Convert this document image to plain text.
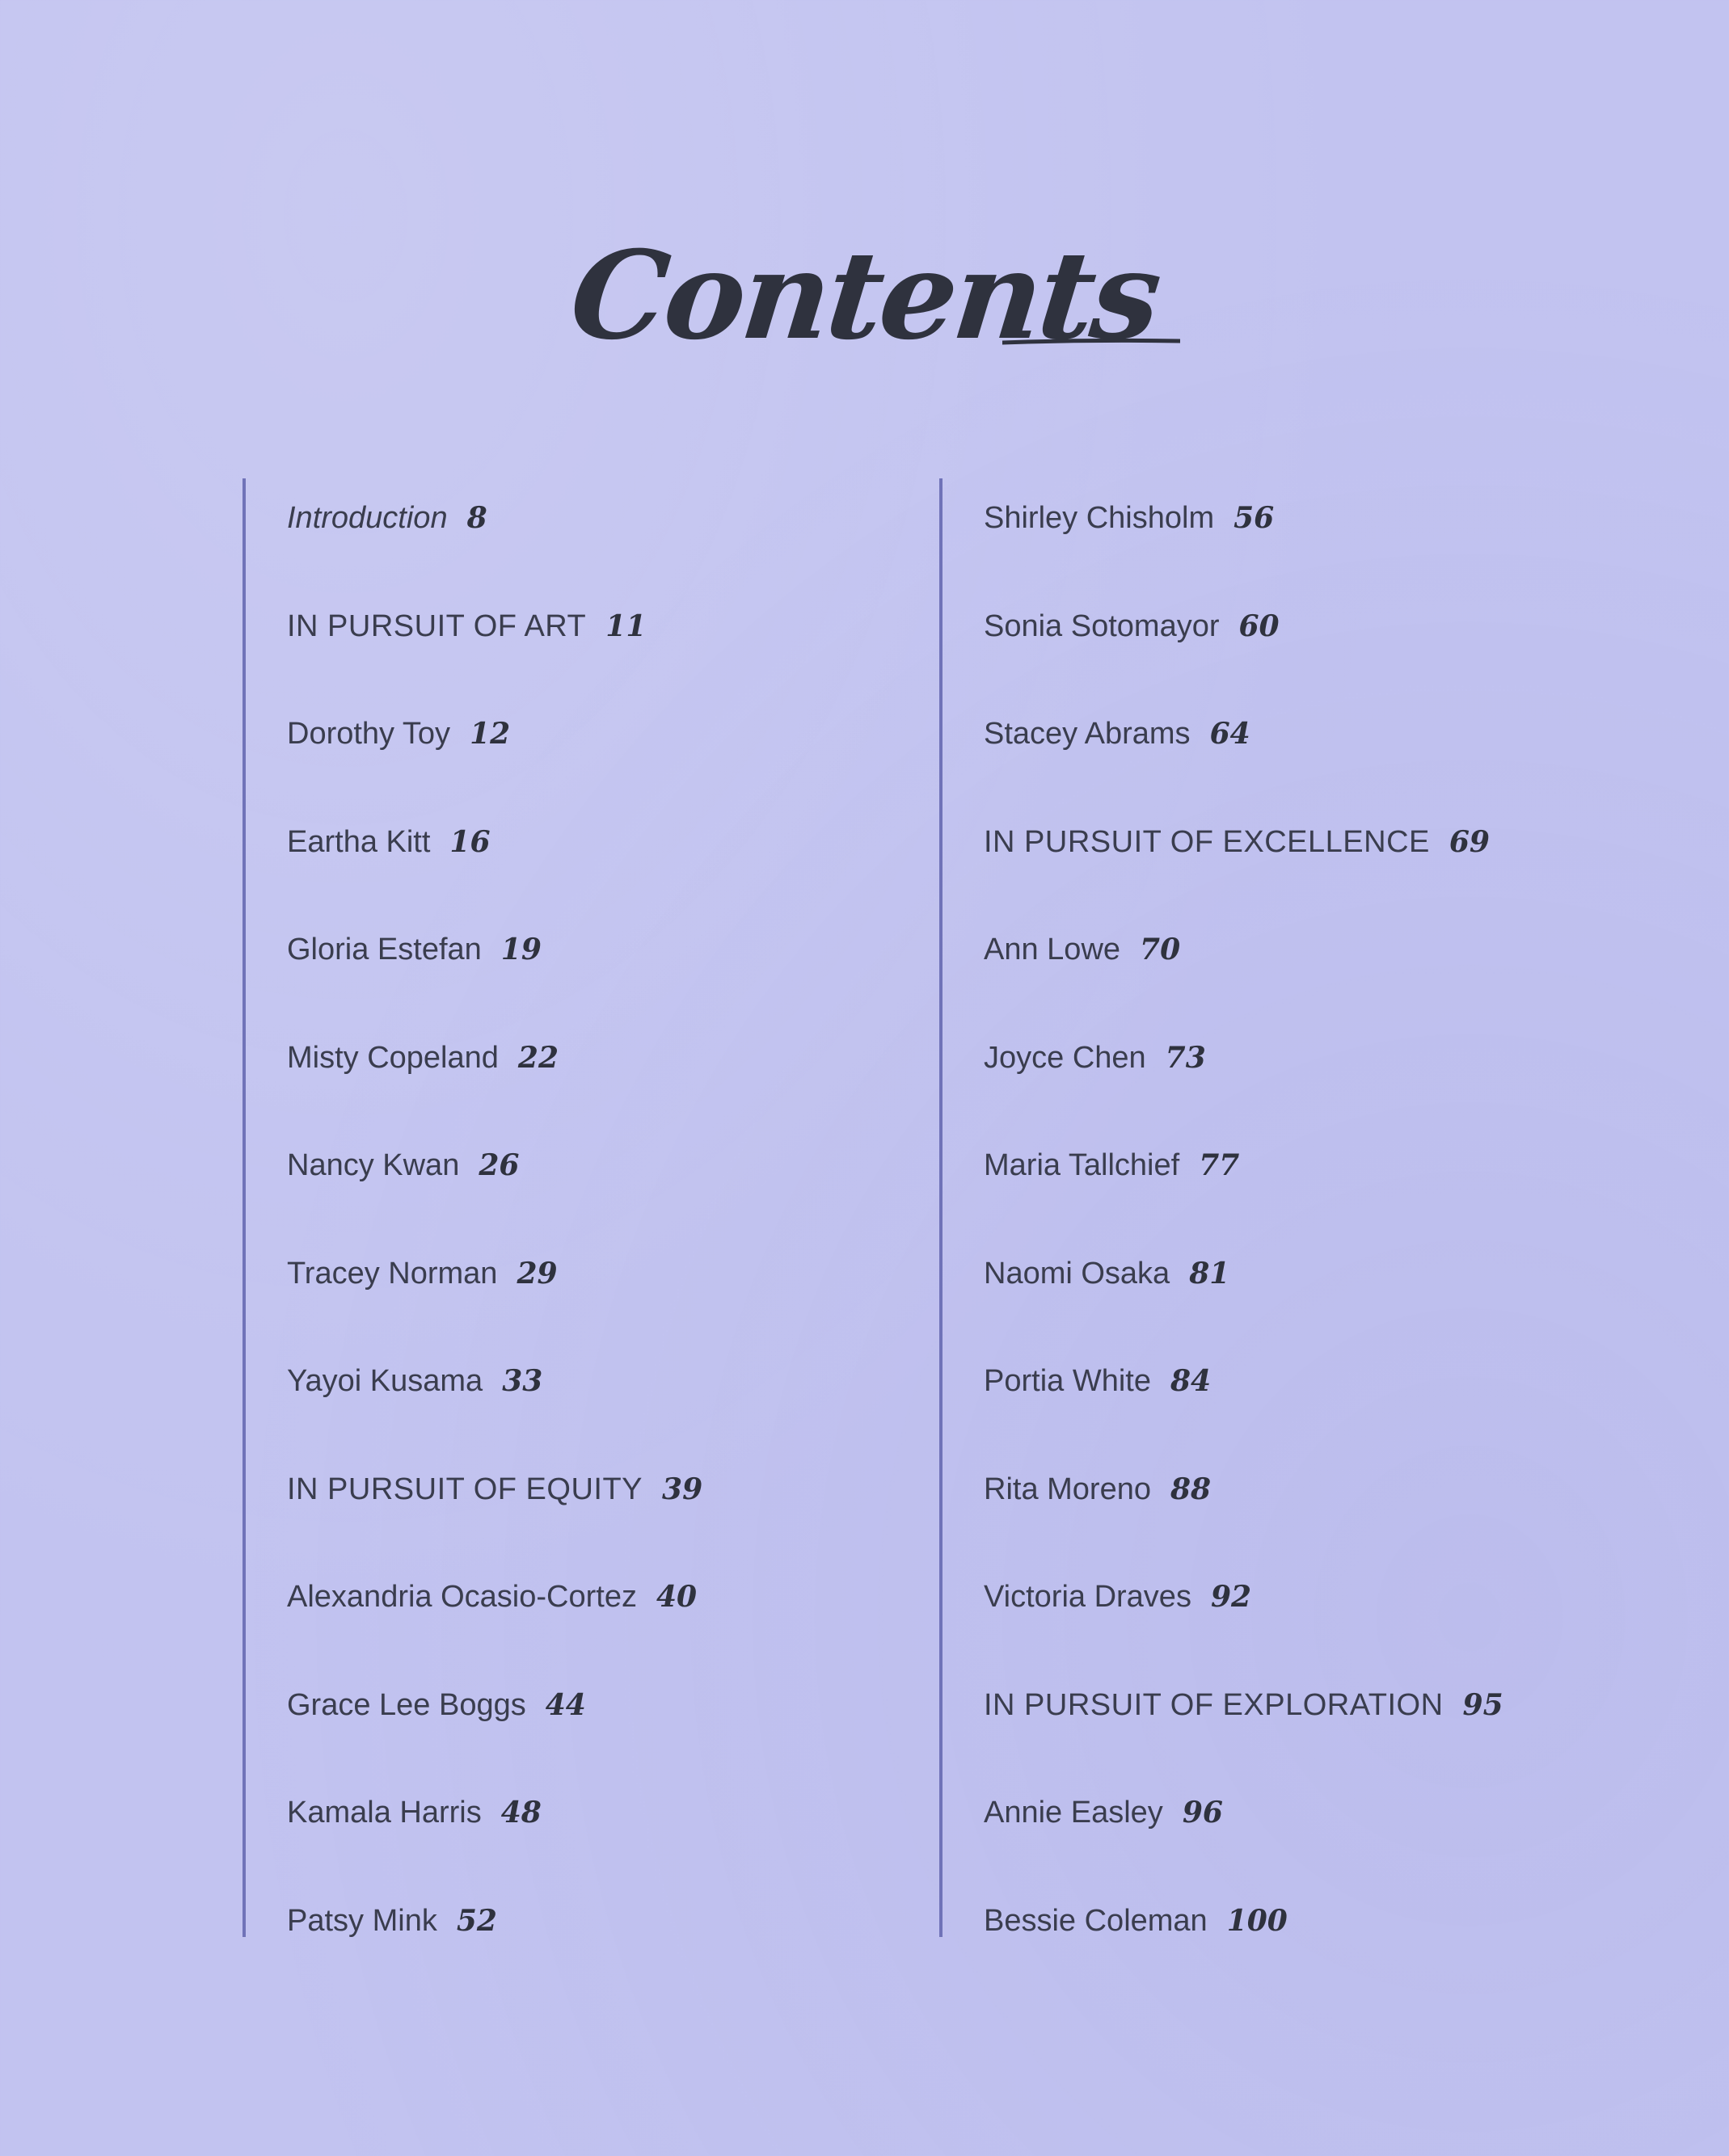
Contents
Introduction 8
IN PURSUIT OF ART 11
Dorothy Toy 12
Eartha Kitt 16
Gloria Estefan 19
Misty Copeland 22
Nancy Kwan 26
Tracey Norman 29
Yayoi Kusama 33
IN PURSUIT OF EQUITY 39
Alexandria Ocasio-Cortez 40
Grace Lee Boggs 44
Kamala Harris 48
Patsy Mink 52
Shirley Chisholm 56
Sonia Sotomayor 60
Stacey Abrams 64
IN PURSUIT OF EXCELLENCE 69
Ann Lowe 70
Joyce Chen 73
Maria Tallchief 77
Naomi Osaka 81
Portia White 84
Rita Moreno 88
Victoria Draves 92
IN PURSUIT OF EXPLORATION 95
Annie Easley 96
Bessie Coleman 100
